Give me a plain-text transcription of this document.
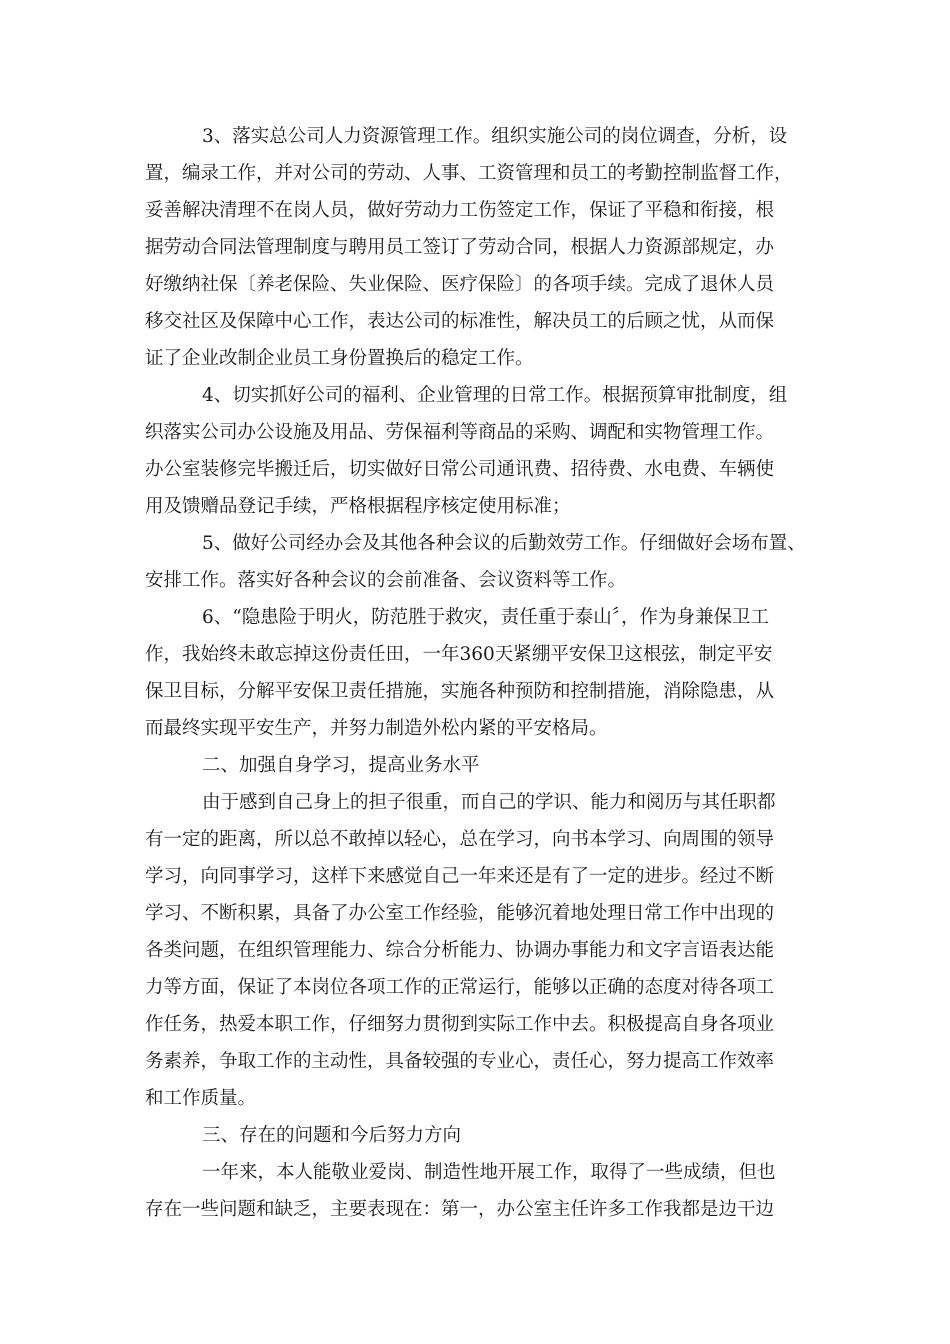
3、落实总公司人力资源管理工作。组织实施公司的岗位调查，分析，设
置，编录工作，并对公司的劳动、人事、工资管理和员工的考勤控制监督工作，
妥善解决清理不在岗人员，做好劳动力工伤签定工作，保证了平稳和衔接，根
据劳动合同法管理制度与聘用员工签订了劳动合同，根据人力资源部规定，办
好缴纳社保〔养老保险、失业保险、医疗保险〕的各项手续。完成了退休人员
移交社区及保障中心工作，表达公司的标准性，解决员工的后顾之忧，从而保
证了企业改制企业员工身份置换后的稳定工作。
4、切实抓好公司的福利、企业管理的日常工作。根据预算审批制度，组
织落实公司办公设施及用品、劳保福利等商品的采购、调配和实物管理工作。
办公室装修完毕搬迁后，切实做好日常公司通讯费、招待费、水电费、车辆使
用及馈赠品登记手续，严格根据程序核定使用标准；
5、做好公司经办会及其他各种会议的后勤效劳工作。仔细做好会场布置、
安排工作。落实好各种会议的会前准备、会议资料等工作。
6、“隐患险于明火，防范胜于救灾，责任重于泰山〞，作为身兼保卫工
作，我始终未敢忘掉这份责任田，一年360天紧绷平安保卫这根弦，制定平安
保卫目标，分解平安保卫责任措施，实施各种预防和控制措施，消除隐患，从
而最终实现平安生产，并努力制造外松内紧的平安格局。
二、加强自身学习，提高业务水平
由于感到自己身上的担子很重，而自己的学识、能力和阅历与其任职都
有一定的距离，所以总不敢掉以轻心，总在学习，向书本学习、向周围的领导
学习，向同事学习，这样下来感觉自己一年来还是有了一定的进步。经过不断
学习、不断积累，具备了办公室工作经验，能够沉着地处理日常工作中出现的
各类问题，在组织管理能力、综合分析能力、协调办事能力和文字言语表达能
力等方面，保证了本岗位各项工作的正常运行，能够以正确的态度对待各项工
作任务，热爱本职工作，仔细努力贯彻到实际工作中去。积极提高自身各项业
务素养，争取工作的主动性，具备较强的专业心，责任心，努力提高工作效率
和工作质量。
三、存在的问题和今后努力方向
一年来，本人能敬业爱岗、制造性地开展工作，取得了一些成绩，但也
存在一些问题和缺乏，主要表现在：第一，办公室主任许多工作我都是边干边
